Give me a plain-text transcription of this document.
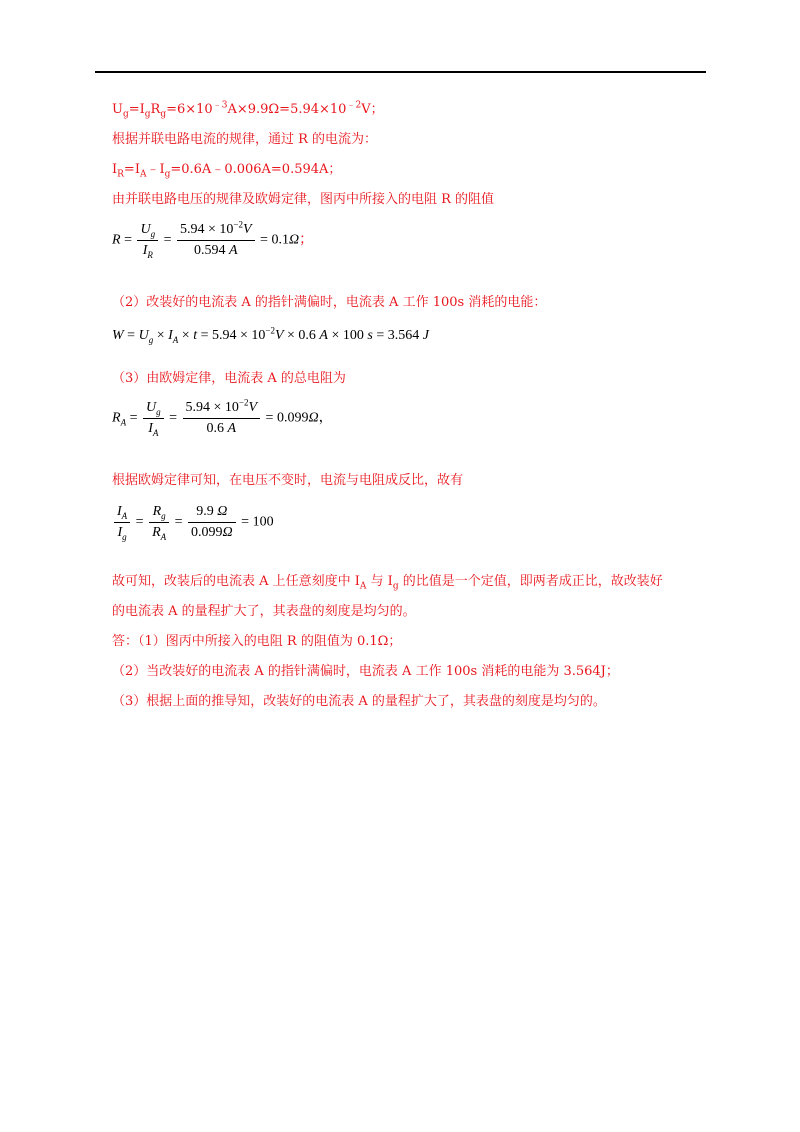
$U_g=I_gR_g=6\times 10^{﹣3}A\times 9.9\Omega=5.94\times 10^{﹣2}V$；
根据并联电路电流的规律，通过 R 的电流为：
$I_R=I_A﹣I_g=0.6A﹣0.006A=0.594A$；
由并联电路电压的规律及欧姆定律，图丙中所接入的电阻 R 的阻值
$R = \frac{U_g}{I_R} = \frac{5.94 \times 10^{-2}V}{0.594 A} = 0.1\Omega$；
（2）改装好的电流表 A 的指针满偏时，电流表 A 工作 100s 消耗的电能：
$W = U_g \times I_A \times t = 5.94 \times 10^{-2}V \times 0.6$ A × 100 s = 3.564 J
（3）由欧姆定律，电流表 A 的总电阻为
$R_A = \frac{U_g}{I_A} = \frac{5.94 \times 10^{-2}V}{0.6 A} = 0.099\Omega$，
根据欧姆定律可知，在电压不变时，电流与电阻成反比，故有
$\frac{I_A}{I_g} = \frac{R_g}{R_A} = \frac{9.9 \Omega}{0.099\Omega} = 100$
故可知，改装后的电流表 A 上任意刻度中 $I_A$ 与 $I_g$ 的比值是一个定值，即两者成正比，故改装好
的电流表 A 的量程扩大了，其表盘的刻度是均匀的。
答：（1）图丙中所接入的电阻 R 的阻值为 0.1Ω；
（2）当改装好的电流表 A 的指针满偏时，电流表 A 工作 100s 消耗的电能为 3.564J；
（3）根据上面的推导知，改装好的电流表 A 的量程扩大了，其表盘的刻度是均匀的。
